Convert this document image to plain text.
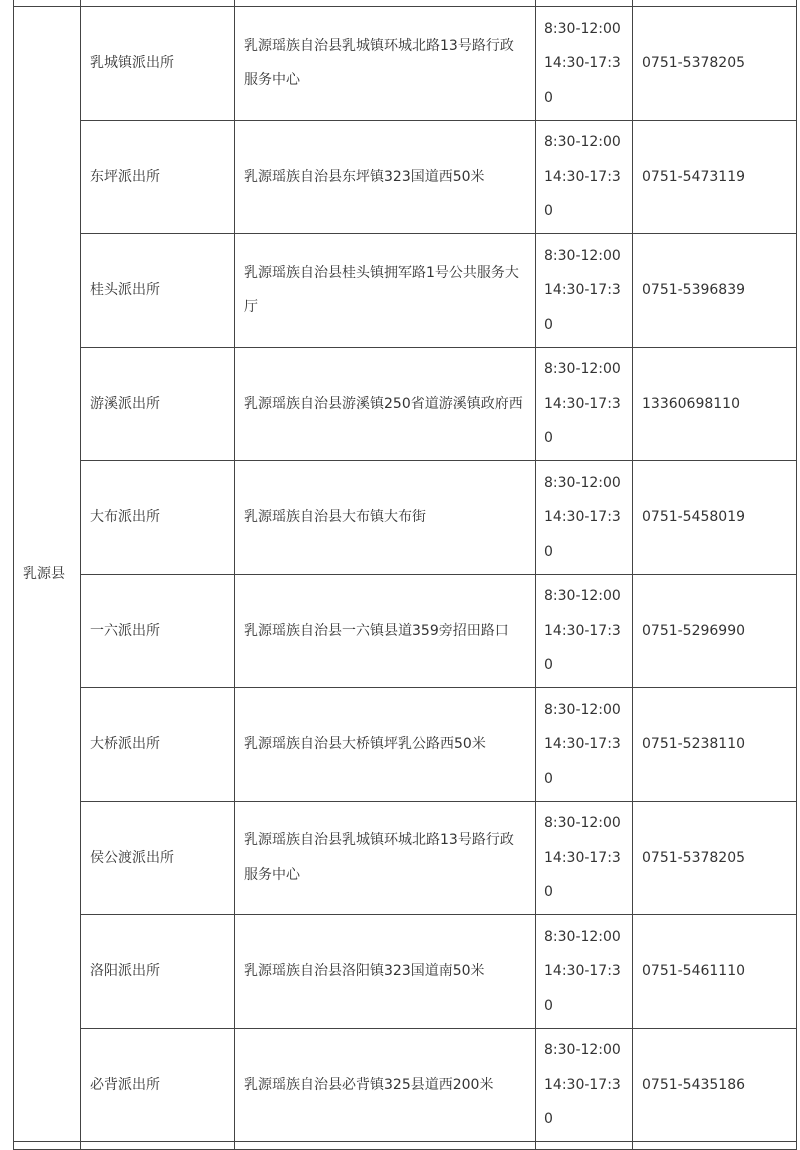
乳源县	乳城镇派出所	乳源瑶族自治县乳城镇环城北路13号路行政服务中心	8:30-12:00 14:30-17:30	0751-5378205
	东坪派出所	乳源瑶族自治县东坪镇323国道西50米	8:30-12:00 14:30-17:30	0751-5473119
	桂头派出所	乳源瑶族自治县桂头镇拥军路1号公共服务大厅	8:30-12:00 14:30-17:30	0751-5396839
	游溪派出所	乳源瑶族自治县游溪镇250省道游溪镇政府西	8:30-12:00 14:30-17:30	13360698110
	大布派出所	乳源瑶族自治县大布镇大布街	8:30-12:00 14:30-17:30	0751-5458019
	一六派出所	乳源瑶族自治县一六镇县道359旁招田路口	8:30-12:00 14:30-17:30	0751-5296990
	大桥派出所	乳源瑶族自治县大桥镇坪乳公路西50米	8:30-12:00 14:30-17:30	0751-5238110
	侯公渡派出所	乳源瑶族自治县乳城镇环城北路13号路行政服务中心	8:30-12:00 14:30-17:30	0751-5378205
	洛阳派出所	乳源瑶族自治县洛阳镇323国道南50米	8:30-12:00 14:30-17:30	0751-5461110
	必背派出所	乳源瑶族自治县必背镇325县道西200米	8:30-12:00 14:30-17:30	0751-5435186
